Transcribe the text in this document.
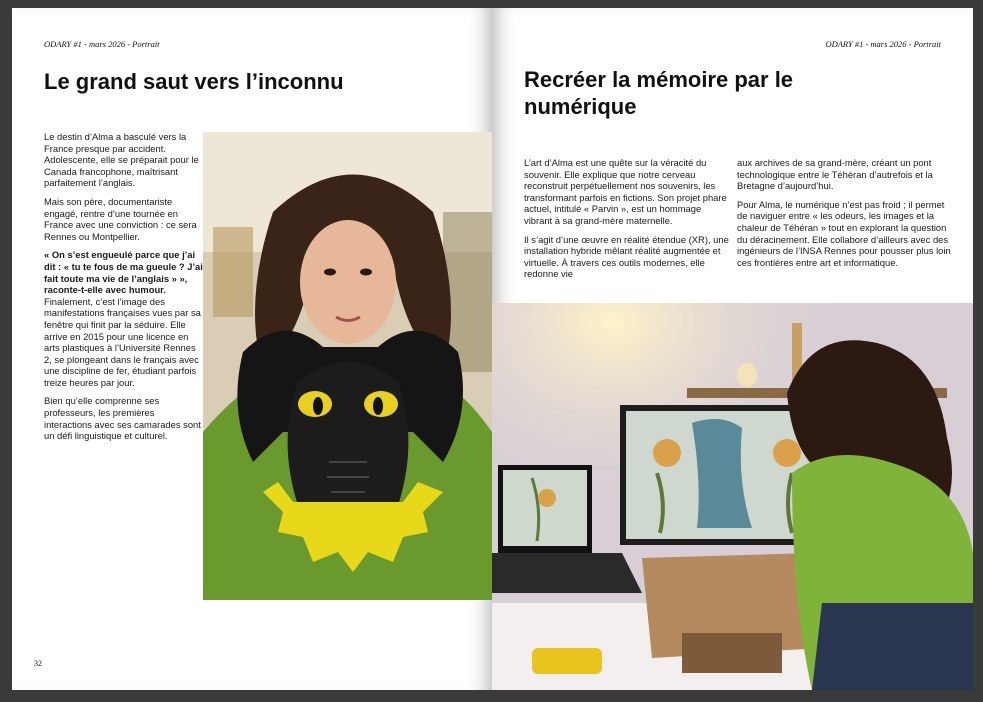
ODARY #1 - mars 2026 - Portrait
Le grand saut vers l’inconnu

Le destin d’Alma a basculé vers la France presque par accident. Adolescente, elle se préparait pour le Canada francophone, maîtrisant parfaitement l’anglais.

Mais son père, documentariste engagé, rentre d’une tournée en France avec une conviction : ce sera Rennes ou Montpellier.

« On s’est engueulé parce que j’ai dit : « tu te fous de ma gueule ? J’ai fait toute ma vie de l’anglais » », raconte-t-elle avec humour. Finalement, c’est l’image des manifestations françaises vues par sa fenêtre qui finit par la séduire. Elle arrive en 2015 pour une licence en arts plastiques à l’Université Rennes 2, se plongeant dans le français avec une discipline de fer, étudiant parfois treize heures par jour.

Bien qu’elle comprenne ses professeurs, les premières interactions avec ses camarades sont un défi linguistique et culturel.

32
ODARY #1 - mars 2026 - Portrait
Recréer la mémoire par le numérique

L’art d’Alma est une quête sur la véracité du souvenir. Elle explique que notre cerveau reconstruit perpétuellement nos souvenirs, les transformant parfois en fictions. Son projet phare actuel, intitulé « Parvin », est un hommage vibrant à sa grand-mère maternelle.

Il s’agit d’une œuvre en réalité étendue (XR), une installation hybride mêlant réalité augmentée et virtuelle. À travers ces outils modernes, elle redonne vie

aux archives de sa grand-mère, créant un pont technologique entre le Téhéran d’autrefois et la Bretagne d’aujourd’hui.

Pour Alma, le numérique n’est pas froid ; il permet de naviguer entre « les odeurs, les images et la chaleur de Téhéran » tout en explorant la question du déracinement. Elle collabore d’ailleurs avec des ingénieurs de l’INSA Rennes pour pousser plus loin ces frontières entre art et informatique.
